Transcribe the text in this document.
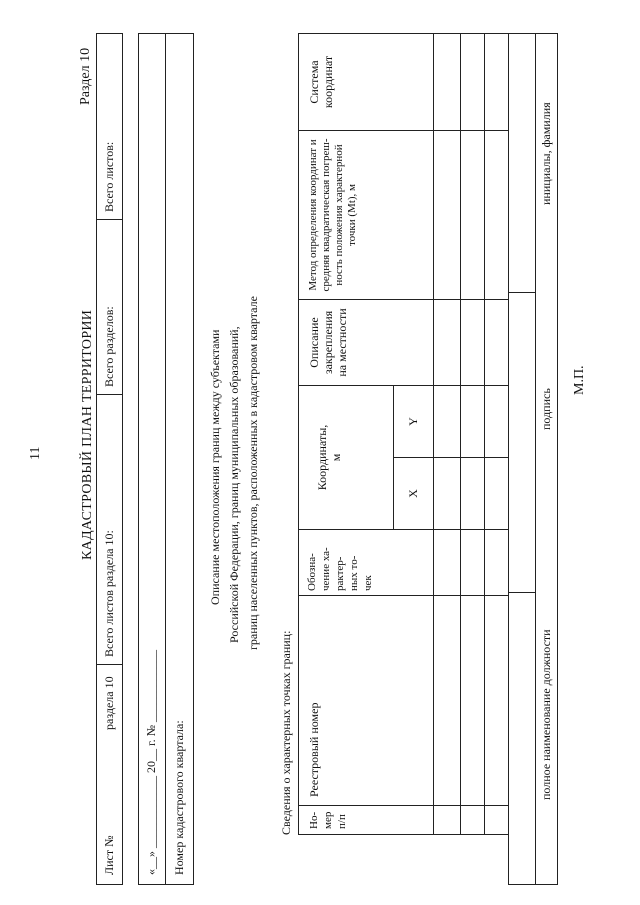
11
Раздел 10
КАДАСТРОВЫЙ ПЛАН ТЕРРИТОРИИ
Лист №
раздела 10
Всего листов раздела 10:
Всего разделов:
Всего листов:
«__» ____________ 20__ г. № ____________ Номер кадастрового квартала:
Описание местоположения границ между субъектами Российской Федерации, границ муниципальных образований, границ населенных пунктов, расположенных в кадастровом квартале
Сведения о характерных точках границ:	Но-
мер
п/п
Реестровый номер
Обозна-
чение ха-
рактер-
ных то-
чек
Координаты,
м
X
Y
Описание
закрепления
на местности
Метод определения координат и
средняя квадратическая погреш-
ность положения характерной
точки (Mt), м
Система координат
полное наименование должности
подпись
инициалы, фамилия
М.П.
